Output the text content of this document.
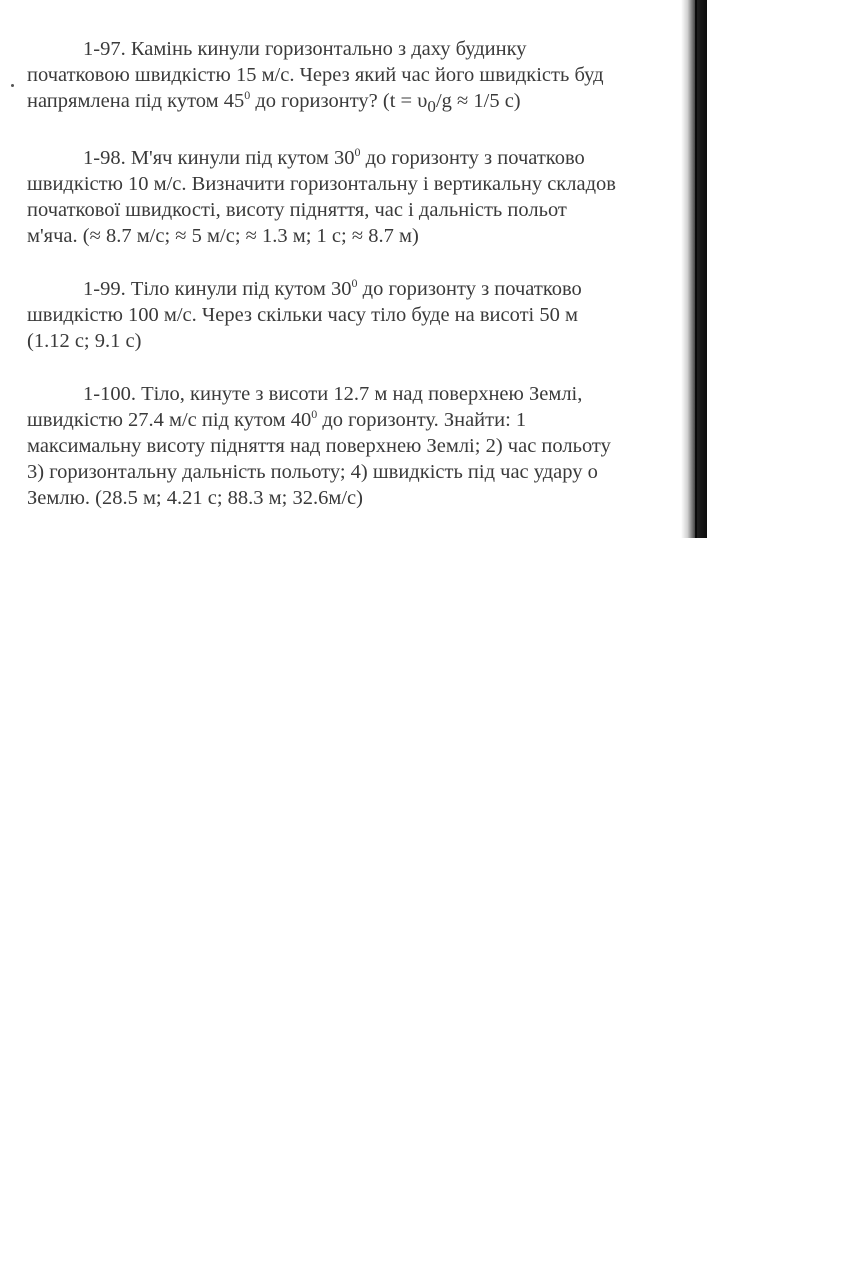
1-97. Камінь кинули горизонтально з даху будинку
початковою швидкістю 15 м/с. Через який час його швидкість буд
напрямлена під кутом $45^0$ до горизонту? ($t = \upsilon_0/g \approx 1/5$ с)
1-98. М'яч кинули під кутом $30^0$ до горизонту з початково
швидкістю 10 м/с. Визначити горизонтальну і вертикальну складов
початкової швидкості, висоту підняття, час і дальність польот
м'яча. (≈ 8.7 м/с; ≈ 5 м/с; ≈ 1.3 м; 1 с; ≈ 8.7 м)
1-99. Тіло кинули під кутом $30^0$ до горизонту з початково
швидкістю 100 м/с. Через скільки часу тіло буде на висоті 50 м
(1.12 с; 9.1 с)
1-100. Тіло, кинуте з висоти 12.7 м над поверхнею Землі,
швидкістю 27.4 м/с під кутом $40^0$ до горизонту. Знайти: 1
максимальну висоту підняття над поверхнею Землі; 2) час польоту
3) горизонтальну дальність польоту; 4) швидкість під час удару о
Землю. (28.5 м; 4.21 с; 88.3 м; 32.6м/с)
